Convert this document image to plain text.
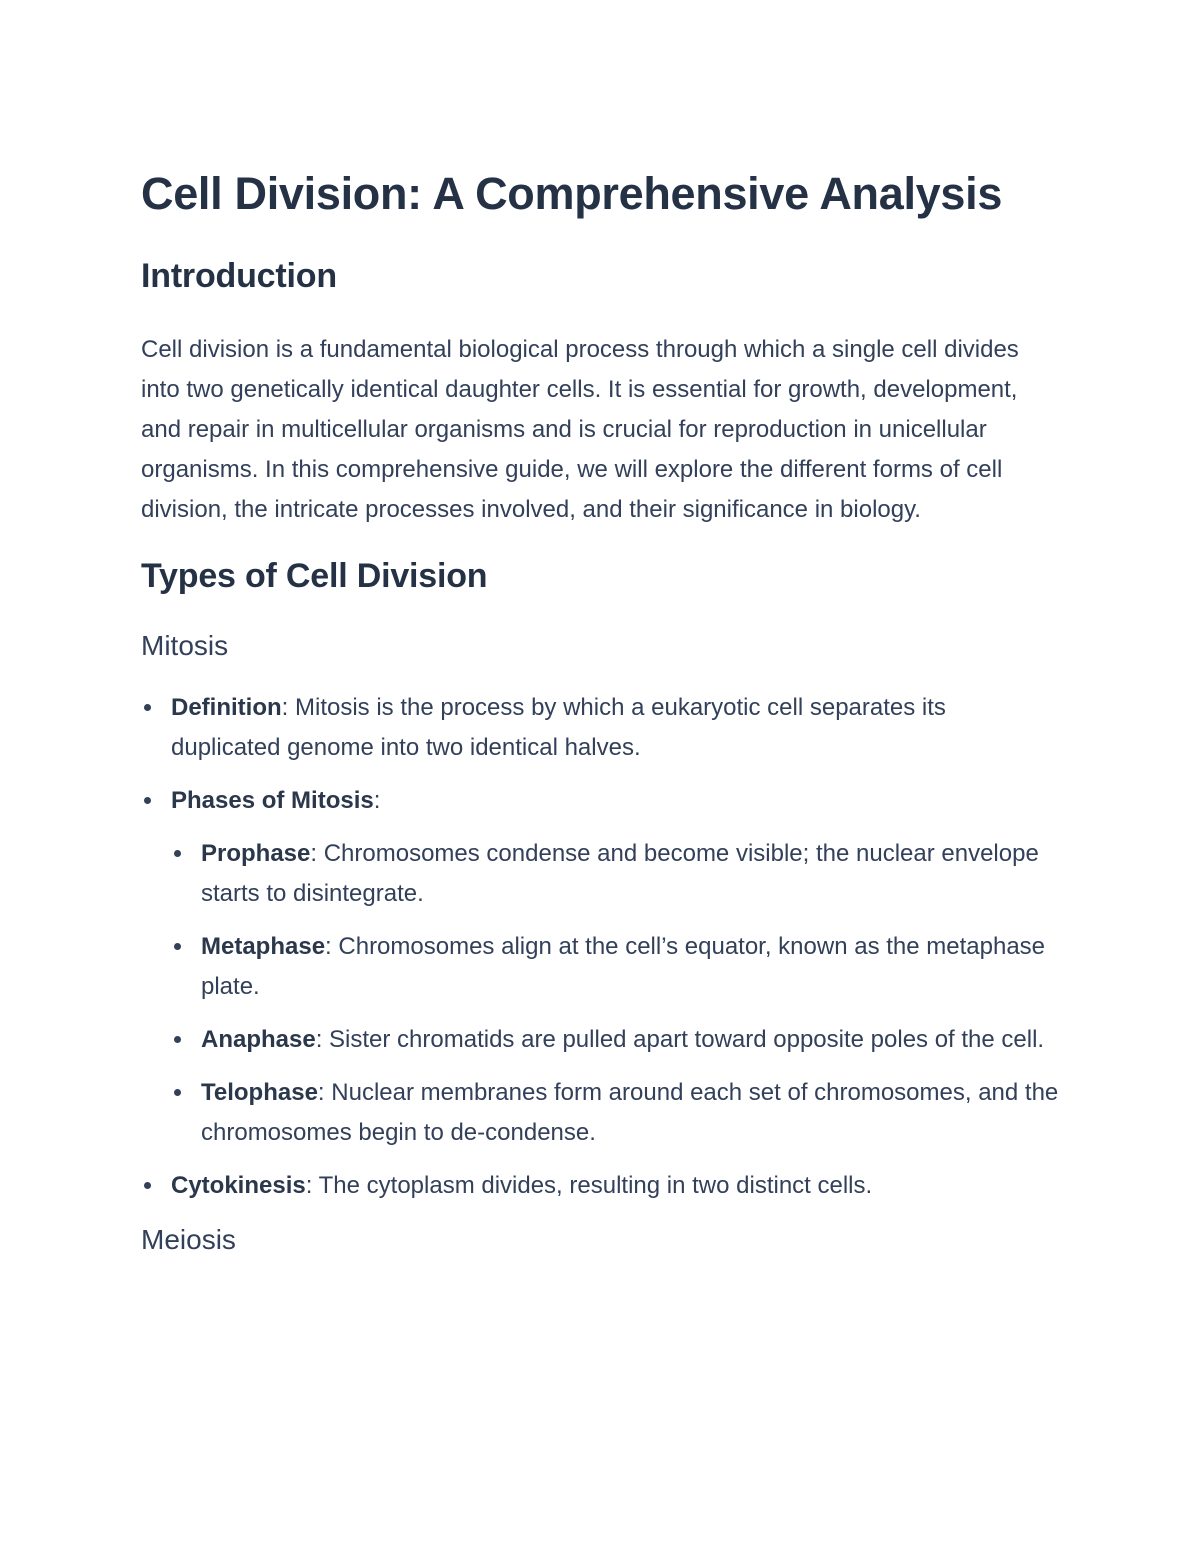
Cell Division: A Comprehensive Analysis
Introduction

Cell division is a fundamental biological process through which a single cell divides into two genetically identical daughter cells. It is essential for growth, development, and repair in multicellular organisms and is crucial for reproduction in unicellular organisms. In this comprehensive guide, we will explore the different forms of cell division, the intricate processes involved, and their significance in biology.

Types of Cell Division
Mitosis
Definition: Mitosis is the process by which a eukaryotic cell separates its duplicated genome into two identical halves.
Phases of Mitosis:
Prophase: Chromosomes condense and become visible; the nuclear envelope starts to disintegrate.
Metaphase: Chromosomes align at the cell’s equator, known as the metaphase plate.
Anaphase: Sister chromatids are pulled apart toward opposite poles of the cell.
Telophase: Nuclear membranes form around each set of chromosomes, and the chromosomes begin to de-condense.
Cytokinesis: The cytoplasm divides, resulting in two distinct cells.
Meiosis
